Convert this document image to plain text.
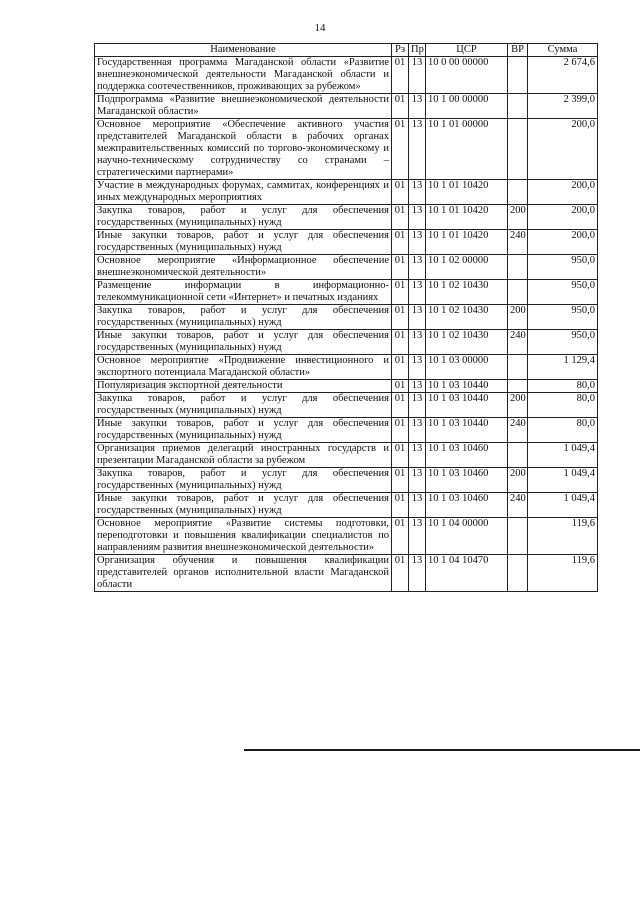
14
Наименование	Рз	Пр	ЦСР	ВР	Сумма
Государственная программа Магаданской области «Развитие внешнеэкономической деятельности Магаданской области и поддержка соотечественников, проживающих за рубежом»	01	13	10 0 00 00000		2 674,6
Подпрограмма «Развитие внешнеэкономической деятельности Магаданской области»	01	13	10 1 00 00000		2 399,0
Основное мероприятие «Обеспечение активного участия представителей Магаданской области в рабочих органах межправительственных комиссий по торгово-экономическому и научно-техническому сотрудничеству со странами – стратегическими партнерами»	01	13	10 1 01 00000		200,0
Участие в международных форумах, саммитах, конференциях и иных международных мероприятиях	01	13	10 1 01 10420		200,0
Закупка товаров, работ и услуг для обеспечения государственных (муниципальных) нужд	01	13	10 1 01 10420	200	200,0
Иные закупки товаров, работ и услуг для обеспечения государственных (муниципальных) нужд	01	13	10 1 01 10420	240	200,0
Основное мероприятие «Информационное обеспечение внешнеэкономической деятельности»	01	13	10 1 02 00000		950,0
Размещение информации в информационно-телекоммуникационной сети «Интернет» и печатных изданиях	01	13	10 1 02 10430		950,0
Закупка товаров, работ и услуг для обеспечения государственных (муниципальных) нужд	01	13	10 1 02 10430	200	950,0
Иные закупки товаров, работ и услуг для обеспечения государственных (муниципальных) нужд	01	13	10 1 02 10430	240	950,0
Основное мероприятие «Продвижение инвестиционного и экспортного потенциала Магаданской области»	01	13	10 1 03 00000		1 129,4
Популяризация экспортной деятельности	01	13	10 1 03 10440		80,0
Закупка товаров, работ и услуг для обеспечения государственных (муниципальных) нужд	01	13	10 1 03 10440	200	80,0
Иные закупки товаров, работ и услуг для обеспечения государственных (муниципальных) нужд	01	13	10 1 03 10440	240	80,0
Организация приемов делегаций иностранных государств и презентации Магаданской области за рубежом	01	13	10 1 03 10460		1 049,4
Закупка товаров, работ и услуг для обеспечения государственных (муниципальных) нужд	01	13	10 1 03 10460	200	1 049,4
Иные закупки товаров, работ и услуг для обеспечения государственных (муниципальных) нужд	01	13	10 1 03 10460	240	1 049,4
Основное мероприятие «Развитие системы подготовки, переподготовки и повышения квалификации специалистов по направлениям развития внешнеэкономической деятельности»	01	13	10 1 04 00000		119,6
Организация обучения и повышения квалификации представителей органов исполнительной власти Магаданской области	01	13	10 1 04 10470		119,6
